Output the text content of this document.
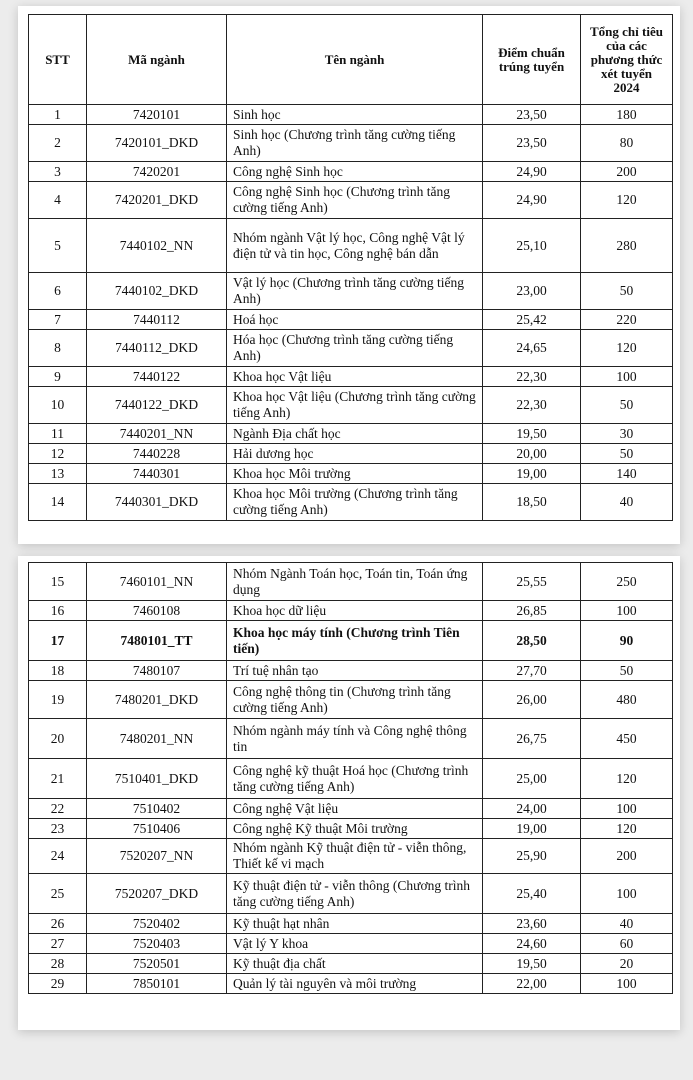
STT	Mã ngành	Tên ngành	Điểm chuẩn trúng tuyển	Tổng chỉ tiêu của các phương thức xét tuyển 2024
1	7420101	Sinh học	23,50	180
2	7420101_DKD	Sinh học (Chương trình tăng cường tiếng Anh)	23,50	80
3	7420201	Công nghệ Sinh học	24,90	200
4	7420201_DKD	Công nghệ Sinh học (Chương trình tăng cường tiếng Anh)	24,90	120
5	7440102_NN	Nhóm ngành Vật lý học, Công nghệ Vật lý điện tử và tin học, Công nghệ bán dẫn	25,10	280
6	7440102_DKD	Vật lý học (Chương trình tăng cường tiếng Anh)	23,00	50
7	7440112	Hoá học	25,42	220
8	7440112_DKD	Hóa học (Chương trình tăng cường tiếng Anh)	24,65	120
9	7440122	Khoa học Vật liệu	22,30	100
10	7440122_DKD	Khoa học Vật liệu (Chương trình tăng cường tiếng Anh)	22,30	50
11	7440201_NN	Ngành Địa chất học	19,50	30
12	7440228	Hải dương học	20,00	50
13	7440301	Khoa học Môi trường	19,00	140
14	7440301_DKD	Khoa học Môi trường (Chương trình tăng cường tiếng Anh)	18,50	40
15	7460101_NN	Nhóm Ngành Toán học, Toán tin, Toán ứng dụng	25,55	250
16	7460108	Khoa học dữ liệu	26,85	100
17	7480101_TT	Khoa học máy tính (Chương trình Tiên tiến)	28,50	90
18	7480107	Trí tuệ nhân tạo	27,70	50
19	7480201_DKD	Công nghệ thông tin (Chương trình tăng cường tiếng Anh)	26,00	480
20	7480201_NN	Nhóm ngành máy tính và Công nghệ thông tin	26,75	450
21	7510401_DKD	Công nghệ kỹ thuật Hoá học (Chương trình tăng cường tiếng Anh)	25,00	120
22	7510402	Công nghệ Vật liệu	24,00	100
23	7510406	Công nghệ Kỹ thuật Môi trường	19,00	120
24	7520207_NN	Nhóm ngành Kỹ thuật điện tử - viễn thông, Thiết kế vi mạch	25,90	200
25	7520207_DKD	Kỹ thuật điện tử - viễn thông (Chương trình tăng cường tiếng Anh)	25,40	100
26	7520402	Kỹ thuật hạt nhân	23,60	40
27	7520403	Vật lý Y khoa	24,60	60
28	7520501	Kỹ thuật địa chất	19,50	20
29	7850101	Quản lý tài nguyên và môi trường	22,00	100
